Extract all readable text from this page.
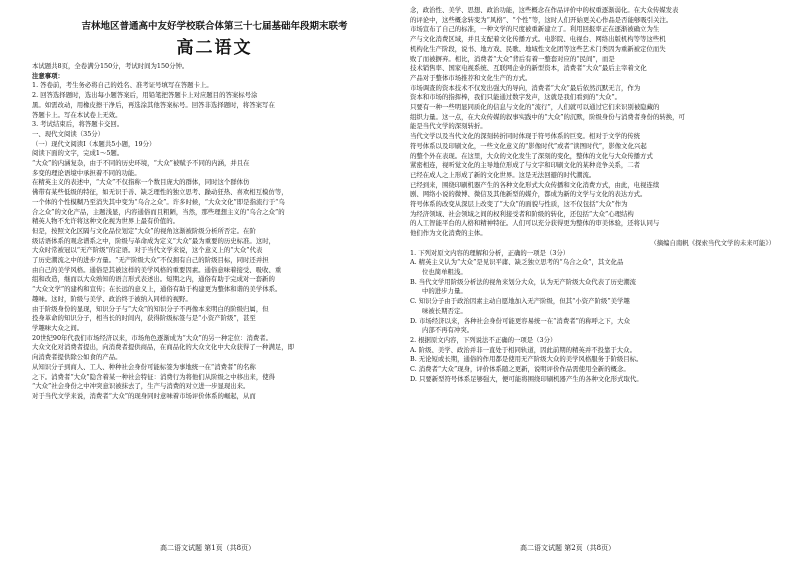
吉林地区普通高中友好学校联合体第三十七届基础年段期末联考

高二语文

本试题共8页，全卷满分150分，考试时间为150分钟。

注意事项：

1. 答卷前，考生务必将自己的姓名、准考证号填写在答题卡上。

2. 回答选择题时，选出每小题答案后，用铅笔把答题卡上对应题目的答案标号涂

黑。如需改动，用橡皮擦干净后，再选涂其他答案标号。回答非选择题时，将答案写在

答题卡上。写在本试卷上无效。

3. 考试结束后，将答题卡交回。

一、现代文阅读（35分）

（一）现代文阅读Ⅰ（本题共5小题，19分）

阅读下面的文字，完成1～5题。

“大众”的内涵复杂，由于不同的历史环境，“大众”被赋予不同的内涵，并且在

多变的理论语境中承担着不同的功能。

在精英主义的表述中，“大众”不仅指称一个数目庞大的群体，同时这个群体仿

佛带有某些低级的特征，如无识于善、缺乏理性的独立思考、躁动狂热、喜欢相互模仿等，

一个体的个性模糊乃至消失其中变为“乌合之众”。许多时候，“大众文化”即是指流行于“乌

合之众”的文化产品，主题浅显，内容通俗而且粗陋，当然，那些理想主义的“乌合之众”的

精英人物不允许将这种文化视为世界上最有价值的。

但是，按照文化区隔与文化品位划定“大众”的视角这渐被阶级分析所否定。在阶

级话语体系的观念谱系之中，阶级与革命成为定义“大众”最为重要的历史标准。这时，

大众时常被冠以“无产阶级”的定语。对于当代文学来说，这个意义上的“大众”代表

了历史潮流之中的进步方量。“无产阶级大众”不仅拥有自己的阶级目标，同时还并担

由自己的美学风格。通俗是其被这样的美学风格的重要因素。通俗意味着接受、吸收、重

组和改造，继而以大众熟知的语言形式表述出。短期之内，通俗有助于完成对一套新的

“大众文学”的建构和宣传；在长远的意义上，通俗有助于构建更为整体和谐的美学体系。

趣味。这时，阶级与美学、政治终于被纳入同样的视野。

由于阶级身份的显现，知识分子与“大众”的知识分子不再像本来明白的阶级归属，但

投身革命的知识分子，相当长的时间内，获得阶级标签与是“小资产阶级”，甚至

学趣味大众之间。

20世纪90年代我们市场经济以来，市场角色逐渐成为“大众”的另一种定位：消费者。

大众文化对消费者提出，向消费者提供商品，在商品化的大众文化中大众获得了一种满足，即

向消费者提供除公如食的产品。

从知识分子到商人、工人、种种社会身份可能标签为事地统一在“消费者”的名称

之下。消费者“大众”隐含着某一种社会特征：消费行为将他们从阶级之中移出来，使得

“大众”社会身份之中冲突意识被抹去了，生产与消费的对立进一步显现出来。

对于当代文学来说，消费者“大众”的现身同时意味着市场评价体系的崛起，从而

念，政治性、美学、思想、政治功能，这些概念在作品评价中的权重逐渐弱化。在大众传媒发表

的评论中，这些概念转变为“风格”、“个性”等，这时人们开始更关心作品是否能够吸引关注。

市场宣布了自己的标准，一种文学的尺度被重新建立了。利用回报率正在逐渐被确立为生

产与文化消费区域，并且支配着文化传播方式。电影院、电视台、网络出版机构等等这些机

机构化生产阶段，说书、地方戏、民歌、地域性文化团等这些艺术门类因为重新被定位而失

败了而被摒弃。相比，消费者“大众”背后有着一整套对应的“民间”，而是

技术销售率、国家电视系统、互联网企业的新型资本，消费者“大众”最后主宰着文化

产品对于整体市场推荐和文化生产的方式。

市场调查的资本技术不仅发出强大的导向，消费者“大众”最后依然沉默无言，作为

资本和市场的指挥棒，我们只能通过数字发声，这就是我们看到的“大众”。

只要有一种一些明显同质化的信息与文化的“流行”，人们就可以通过它们来识别被隐藏的

组织力量。这一点，在大众传媒的叙事实践中的“大众”的沉默，阶级身份与消费者身份的转换，可

能是当代文学的深刻转折。

当代文学以及当代文化的深刻转折同时体现于符号体系的巨变。相对于文学的传统

符号体系以及印刷文化，一些文化意义的“影像时代”或者“读图时代”，影像文化兴起

的整个外在表现。在这里，大众的文化发生了深刻的变化，整体的文化与大众传播方式

紧密相连，视听觉文化的主导地位形成了与文字和印刷文化的某种竞争关系，二者

已经在成人之上形成了新的文化世界。这是无法回避的时代潮流。

已经到来，围绕印刷机器产生的各种文化形式大众传播和文化消费方式，由此，电视连续

剧、网络小说的微博、微信及其他新型的媒介，都成为新的文学与文化的表达方式。

符号体系的改变从深层上改变了“大众”的面貌与性质，这不仅包括“大众”作为

为经济领域、社会领域之间的权利接受者和阶级的转化，还包括“大众”心理结构

的人工智能平台的人格和精神特征。人们可以充分获得更为整体的审美体验，还将认同与

他们作为文化消费的主体。

（摘编自南帆《探索当代文学的未来可能》）

1. 下列对原文内容的理解和分析，正确的一项是（3分）

A. 精英主义认为“大众”是见识平庸、缺乏独立思考的“乌合之众”，其文化品

位也简单粗浅。

B. 当代文学用阶级分析法的视角来划分大众，认为无产阶级大众代表了历史潮流

中的进步力量。

C. 知识分子由于政治因素主动自愿地加入无产阶级，但其“小资产阶级”美学趣

味被长期否定。

D. 市场经济以来，各种社会身份可能更容易统一在“消费者”的称呼之下，大众

内部不再有冲突。

2. 根据原文内容，下列说法不正确的一项是（3分）

A. 阶级、美学、政治并非一直处于相同轨道，因此前期的精英并不投靠于大众。

B. 无论短或长期，通俗的作用都是使用无产阶级大众的美学风格服务于阶级目标。

C. 消费者“大众”现身，评价体系随之更新，说明评价作品需使用全新的概念。

D. 只要新型符号体系足够强大，便可能将围绕印刷机器产生的各种文化形式取代。

高二语文试题 第1页（共8页）	高二语文试题 第2页（共8页）
